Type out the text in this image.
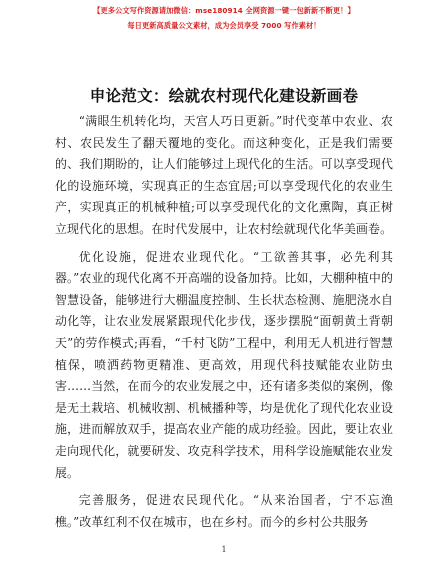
【更多公文写作资源请加微信：mse180914 全网资源一键一包新新不断更！】
每日更新高质量公文素材，成为会员享受 7000 写作素材！
申论范文：绘就农村现代化建设新画卷

“满眼生机转化均，天宫人巧日更新。”时代变革中农业、农村、农民发生了翻天覆地的变化。而这种变化，正是我们需要的、我们期盼的，让人们能够过上现代化的生活。可以享受现代化的设施环境，实现真正的生态宜居;可以享受现代化的农业生产，实现真正的机械种植;可以享受现代化的文化熏陶，真正树立现代化的思想。在时代发展中，让农村绘就现代化华美画卷。

优化设施，促进农业现代化。“工欲善其事，必先利其器。”农业的现代化离不开高端的设备加持。比如，大棚种植中的智慧设备，能够进行大棚温度控制、生长状态检测、施肥浇水自动化等，让农业发展紧跟现代化步伐，逐步摆脱“面朝黄土背朝天”的劳作模式;再看，“千村飞防”工程中，利用无人机进行智慧植保，喷洒药物更精准、更高效，用现代科技赋能农业防虫害……当然，在而今的农业发展之中，还有诸多类似的案例，像是无土栽培、机械收割、机械播种等，均是优化了现代化农业设施，进而解放双手，提高农业产能的成功经验。因此，要让农业走向现代化，就要研发、攻克科学技术，用科学设施赋能农业发展。

完善服务，促进农民现代化。“从来治国者，宁不忘渔樵。”改革红利不仅在城市，也在乡村。而今的乡村公共服务

1
